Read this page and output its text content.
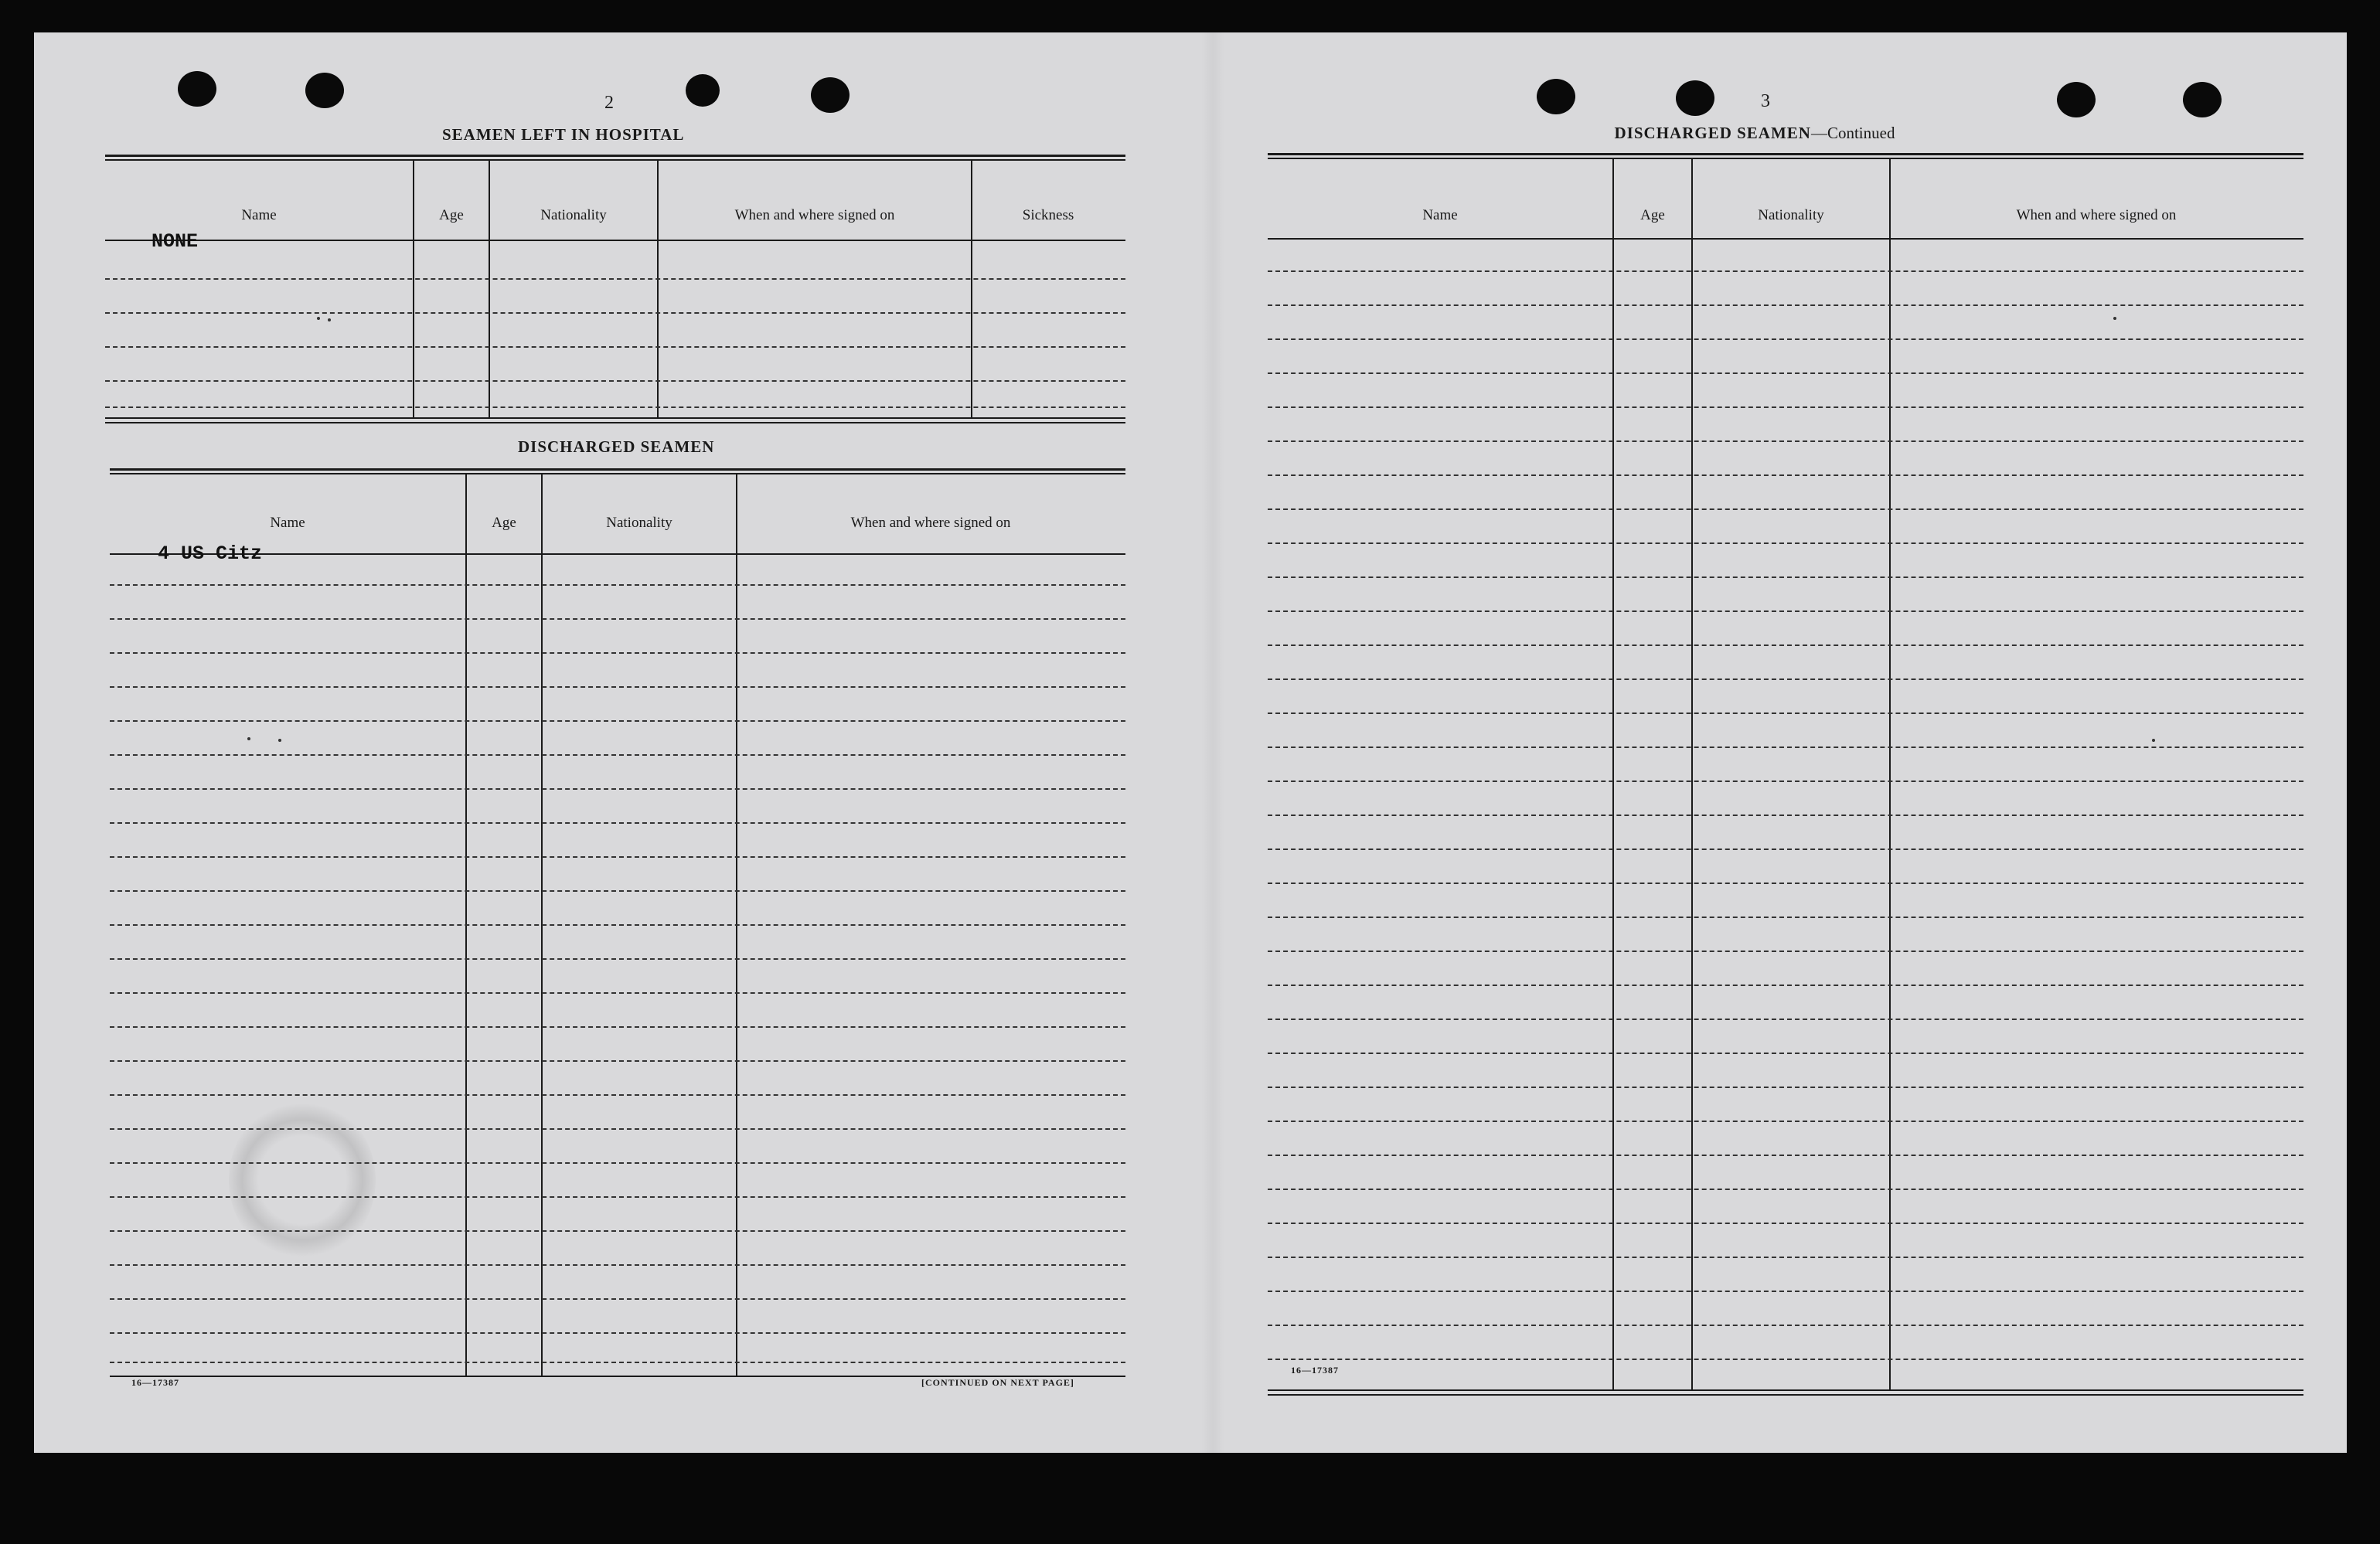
2
SEAMEN LEFT IN HOSPITAL
Name	Age	Nationality	When and where signed on	Sickness
NONE
DISCHARGED SEAMEN
Name	Age	Nationality	When and where signed on
4 US Citz
16—17387	[CONTINUED ON NEXT PAGE]
3
DISCHARGED SEAMEN—Continued
Name	Age	Nationality	When and where signed on
16—17387
